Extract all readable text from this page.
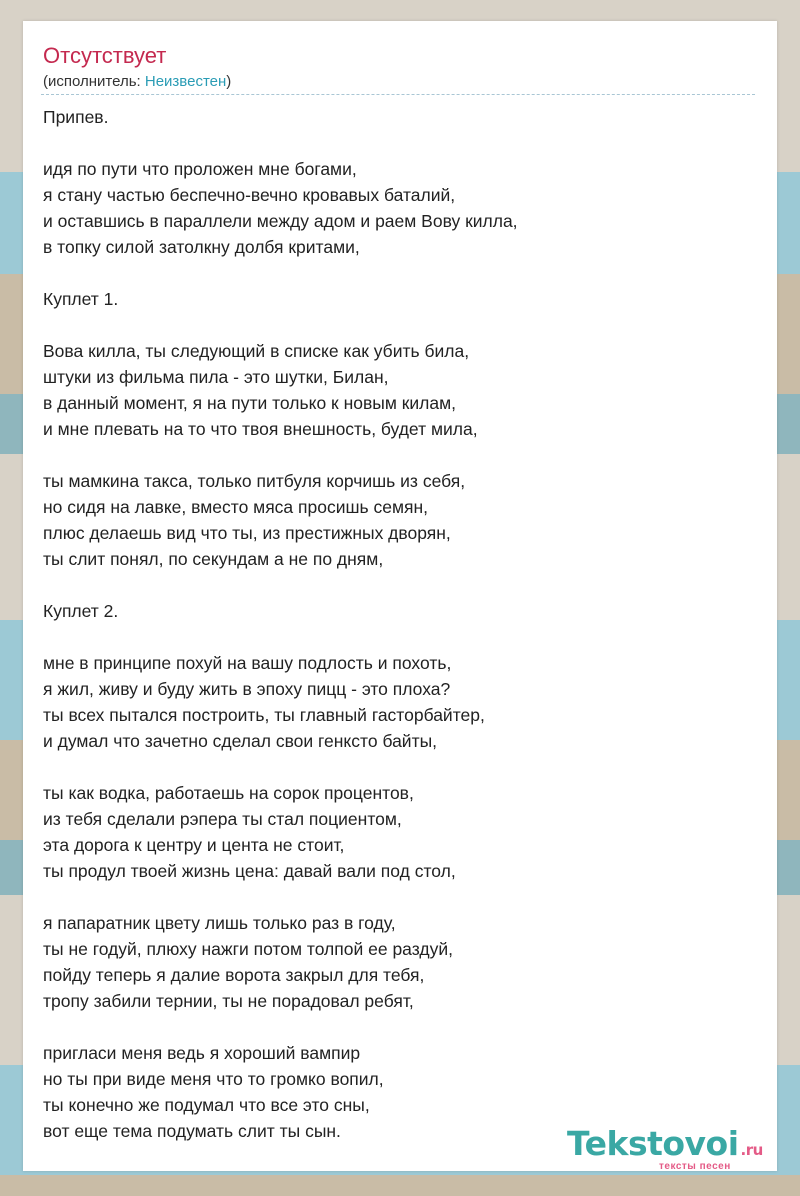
Отсутствует
(исполнитель: Неизвестен)
Припев.
идя по пути что проложен мне богами,
я стану частью беспечно-вечно кровавых баталий,
и оставшись в параллели между адом и раем Вову килла,
в топку силой затолкну долбя критами,
Куплет 1.
Вова килла, ты следующий в списке как убить била,
штуки из фильма пила - это шутки, Билан,
в данный момент, я на пути только к новым килам,
и мне плевать на то что твоя внешность, будет мила,
ты мамкина такса, только питбуля корчишь из себя,
но сидя на лавке, вместо мяса просишь семян,
плюс делаешь вид что ты, из престижных дворян,
ты слит понял, по секундам а не по дням,
Куплет 2.
мне в принципе похуй на вашу подлость и похоть,
я жил, живу и буду жить в эпоху пицц - это плоха?
ты всех пытался построить, ты главный гасторбайтер,
и думал что зачетно сделал свои генксто байты,
ты как водка, работаешь на сорок процентов,
из тебя сделали рэпера ты стал поциентом,
эта дорога к центру и цента не стоит,
ты продул твоей жизнь цена: давай вали под стол,
я папаратник цвету лишь только раз в году,
ты не годуй, плюху нажги потом толпой ее раздуй,
пойду теперь я далие ворота закрыл для тебя,
тропу забили тернии, ты не порадовал ребят,
пригласи меня ведь я хороший вампир
но ты при виде меня что то громко вопил,
ты конечно же подумал что все это сны,
вот еще тема подумать слит ты сын.	Tekstovoi .ru
тексты песен
